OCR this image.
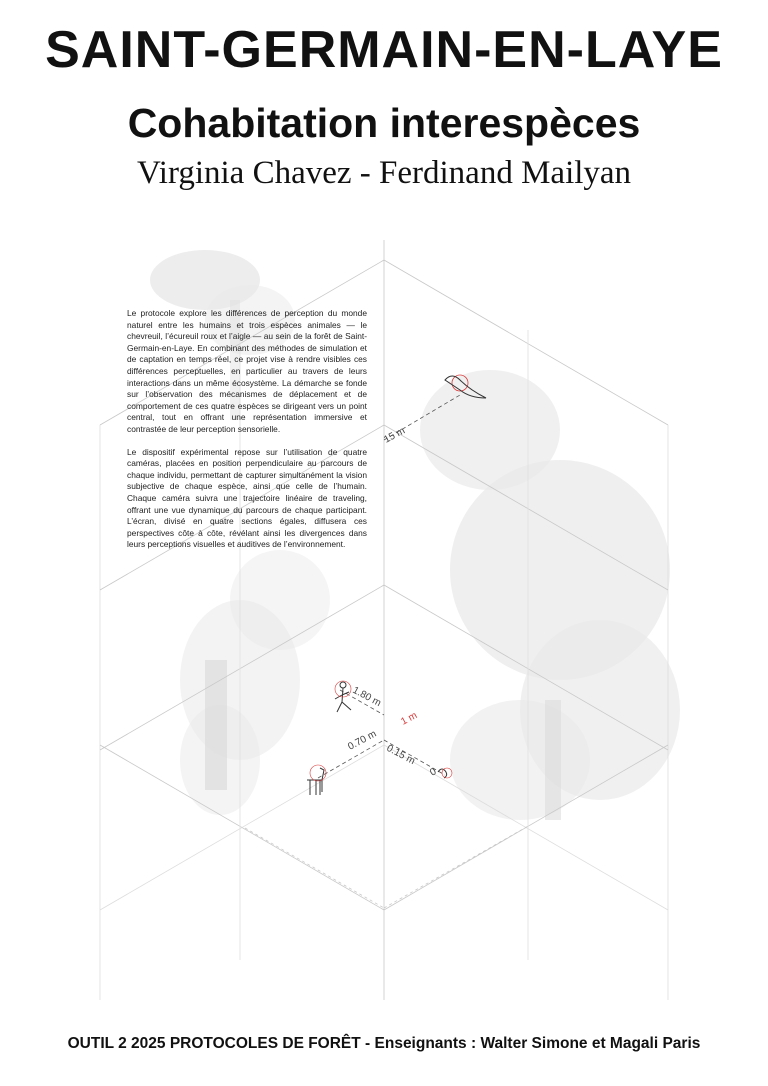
SAINT-GERMAIN-EN-LAYE
Cohabitation interespèces
Virginia Chavez - Ferdinand Mailyan
15 m
1.80 m
0.70 m
0.15 m
0
1 m

Le protocole explore les différences de perception du monde naturel entre les humains et trois espèces animales — le chevreuil, l’écureuil roux et l’aigle — au sein de la forêt de Saint-Germain-en-Laye. En combinant des méthodes de simulation et de captation en temps réel, ce projet vise à rendre visibles ces différences perceptuelles, en particulier au travers de leurs interactions dans un même écosystème. La démarche se fonde sur l’observation des mécanismes de déplacement et de comportement de ces quatre espèces se dirigeant vers un point central, tout en offrant une représentation immersive et contrastée de leur perception sensorielle.

Le dispositif expérimental repose sur l’utilisation de quatre caméras, placées en position perpendiculaire au parcours de chaque individu, permettant de capturer simultanément la vision subjective de chaque espèce, ainsi que celle de l’humain. Chaque caméra suivra une trajectoire linéaire de traveling, offrant une vue dynamique du parcours de chaque participant. L’écran, divisé en quatre sections égales, diffusera ces perspectives côte à côte, révélant ainsi les divergences dans leurs perceptions visuelles et auditives de l’environnement.

OUTIL 2 2025 PROTOCOLES DE FORÊT - Enseignants : Walter Simone et Magali Paris
